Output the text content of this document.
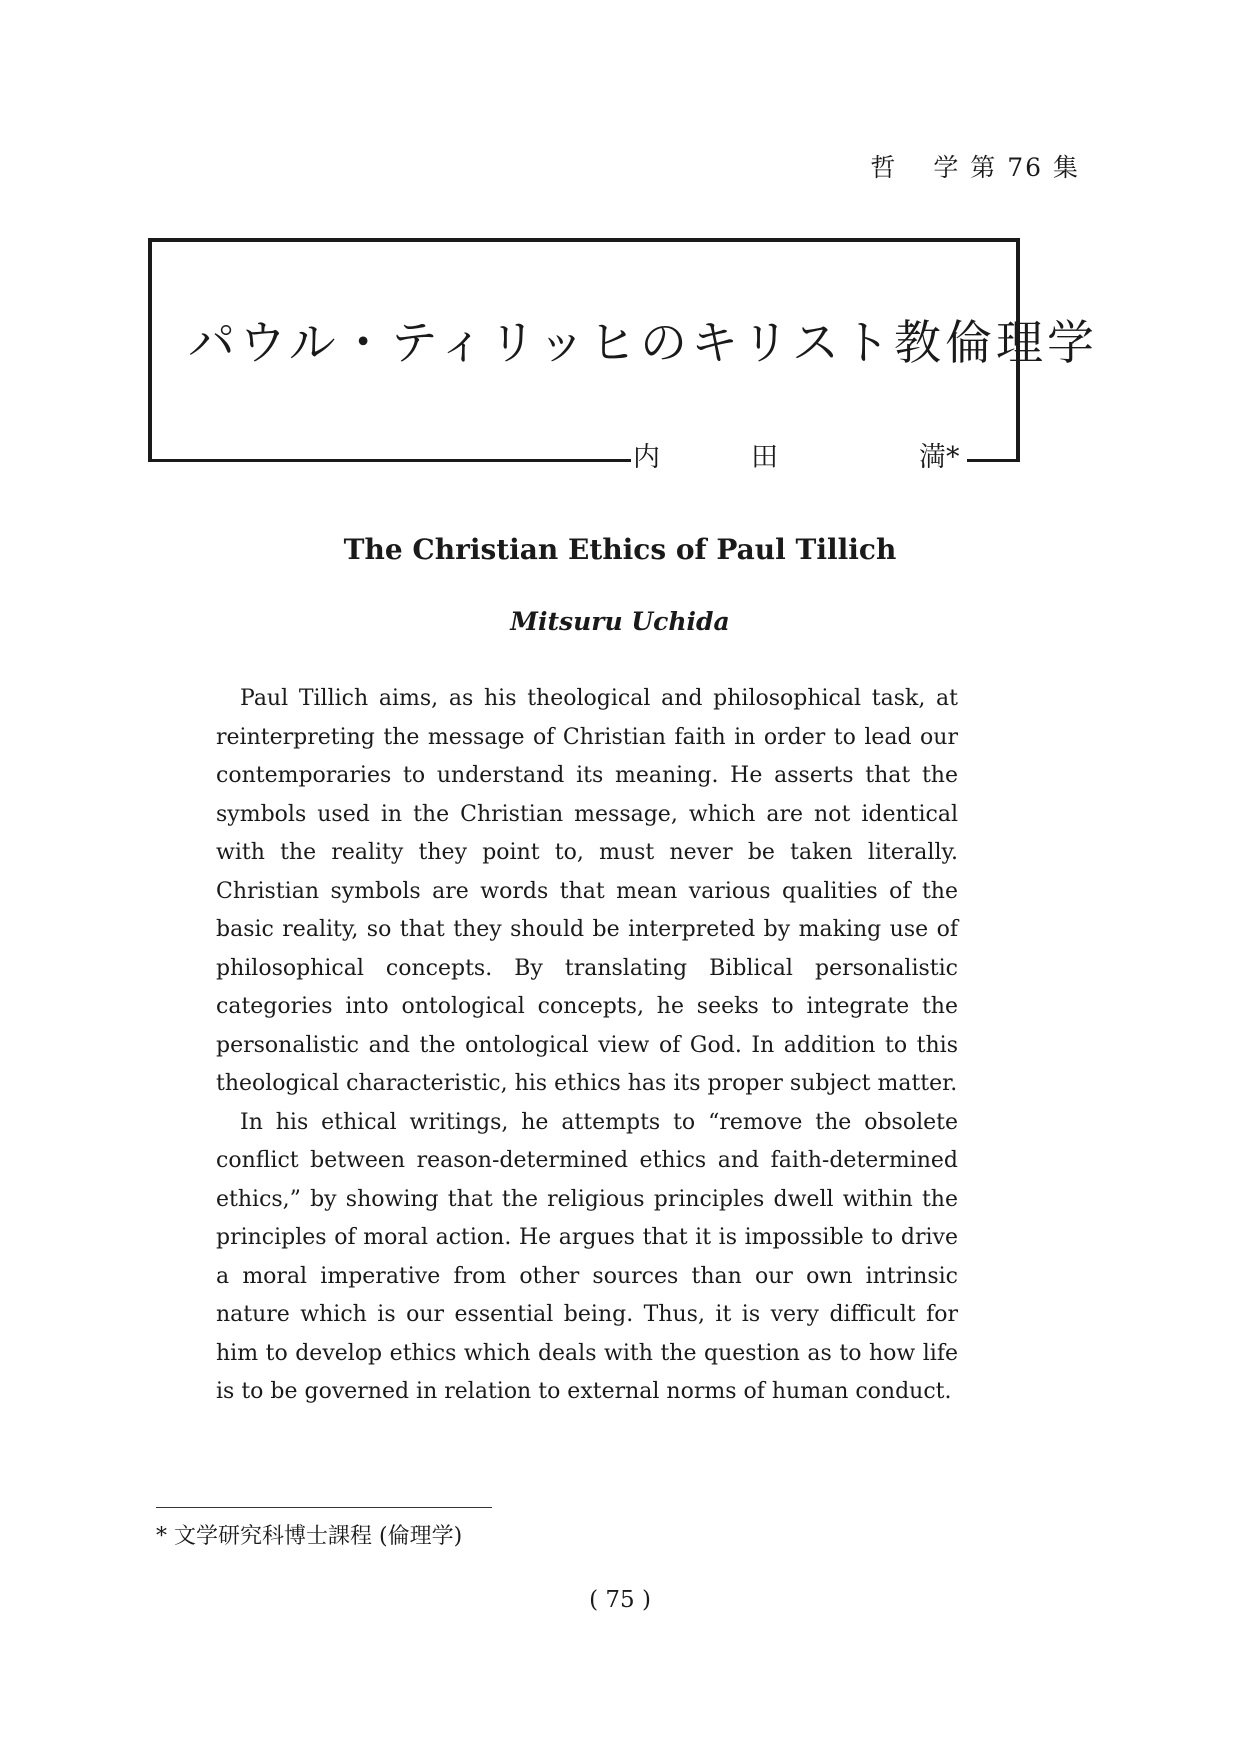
哲 学 第 76 集
パウル・ティリッヒのキリスト教倫理学
内	田	満*
The Christian Ethics of Paul Tillich
Mitsuru Uchida

Paul Tillich aims, as his theological and philosophical task, at reinterpreting the message of Christian faith in order to lead our contemporaries to understand its meaning. He asserts that the symbols used in the Christian message, which are not identical with the reality they point to, must never be taken literally. Christian symbols are words that mean various qualities of the basic reality, so that they should be interpreted by making use of philosophical concepts. By translating Biblical personalistic categories into ontological concepts, he seeks to integrate the personalistic and the ontological view of God. In addition to this theological characteristic, his ethics has its proper subject matter.

In his ethical writings, he attempts to “remove the obsolete conflict between reason-determined ethics and faith-determined ethics,” by showing that the religious principles dwell within the principles of moral action. He argues that it is impossible to drive a moral imperative from other sources than our own intrinsic nature which is our essential being. Thus, it is very difficult for him to develop ethics which deals with the question as to how life is to be governed in relation to external norms of human conduct.

* 文学研究科博士課程 (倫理学)
( 75 )
